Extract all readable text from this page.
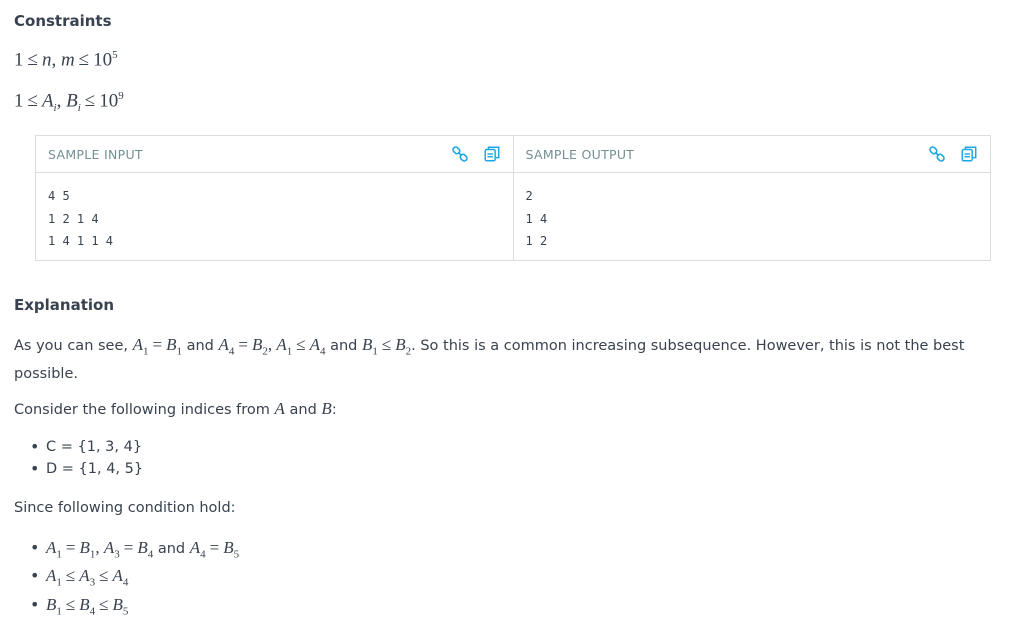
Constraints
1 ≤ n, $m \le 10^5$
$1 \le A_i$, $B_i \le 10^9$
SAMPLE INPUT
4 5
1 2 1 4
1 4 1 1 4
SAMPLE OUTPUT
2
1 4
1 2
Explanation
As you can see, $A_1 = B_1$ and $A_4 = B_2$, $A_1 \le A_4$ and $B_1 \le B_2$. So this is a common increasing subsequence. However, this is not the best possible.
Consider the following indices from A and B:
• C = {1, 3, 4}
• D = {1, 4, 5}
Since following condition hold:
• $A_1 = B_1$, $A_3 = B_4$ and $A_4 = B_5$
• $A_1 \le A_3 \le A_4$
• $B_1 \le B_4 \le B_5$
